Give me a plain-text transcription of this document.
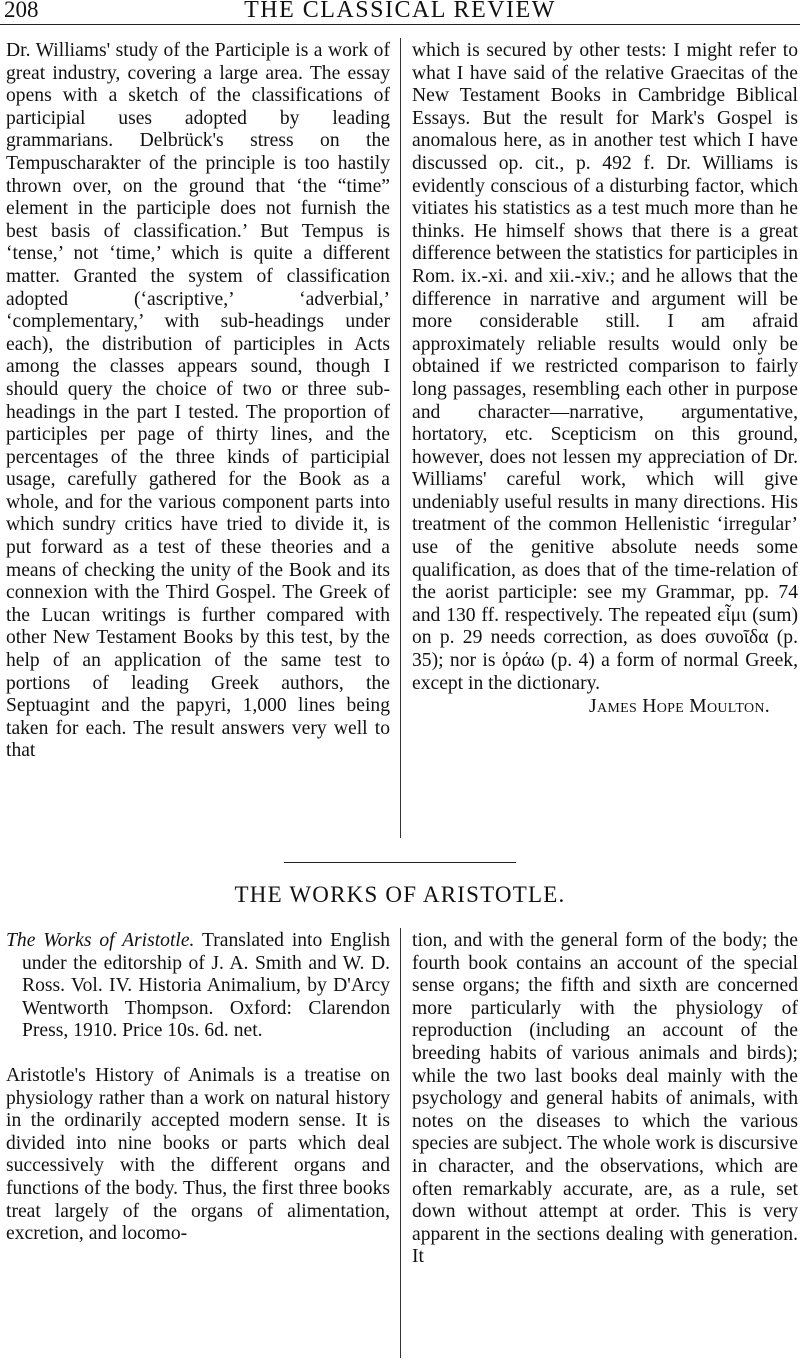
208	THE CLASSICAL REVIEW

Dr. Williams' study of the Participle is a work of great industry, covering a large area. The essay opens with a sketch of the classifications of participial uses adopted by leading grammarians. Delbrück's stress on the Tempuscharakter of the principle is too hastily thrown over, on the ground that ‘the “time” element in the participle does not furnish the best basis of classification.’ But Tempus is ‘tense,’ not ‘time,’ which is quite a different matter. Granted the system of classification adopted (‘ascriptive,’ ‘adverbial,’ ‘complementary,’ with sub-headings under each), the distribution of participles in Acts among the classes appears sound, though I should query the choice of two or three sub-headings in the part I tested. The proportion of participles per page of thirty lines, and the percentages of the three kinds of participial usage, carefully gathered for the Book as a whole, and for the various component parts into which sundry critics have tried to divide it, is put forward as a test of these theories and a means of checking the unity of the Book and its connexion with the Third Gospel. The Greek of the Lucan writings is further compared with other New Testament Books by this test, by the help of an application of the same test to portions of leading Greek authors, the Septuagint and the papyri, 1,000 lines being taken for each. The result answers very well to that

which is secured by other tests: I might refer to what I have said of the relative Graecitas of the New Testament Books in Cambridge Biblical Essays. But the result for Mark's Gospel is anomalous here, as in another test which I have discussed op. cit., p. 492 f. Dr. Williams is evidently conscious of a disturbing factor, which vitiates his statistics as a test much more than he thinks. He himself shows that there is a great difference between the statistics for participles in Rom. ix.-xi. and xii.-xiv.; and he allows that the difference in narrative and argument will be more considerable still. I am afraid approximately reliable results would only be obtained if we restricted comparison to fairly long passages, resembling each other in purpose and character—narrative, argumentative, hortatory, etc. Scepticism on this ground, however, does not lessen my appreciation of Dr. Williams' careful work, which will give undeniably useful results in many directions. His treatment of the common Hellenistic ‘irregular’ use of the genitive absolute needs some qualification, as does that of the time-relation of the aorist participle: see my Grammar, pp. 74 and 130 ff. respectively. The repeated εἶμι (sum) on p. 29 needs correction, as does συνοῖδα (p. 35); nor is ὁράω (p. 4) a form of normal Greek, except in the dictionary.

James Hope Moulton.
THE WORKS OF ARISTOTLE.

The Works of Aristotle. Translated into English under the editorship of J. A. Smith and W. D. Ross. Vol. IV. Historia Animalium, by D'Arcy Wentworth Thompson. Oxford: Clarendon Press, 1910. Price 10s. 6d. net.

Aristotle's History of Animals is a treatise on physiology rather than a work on natural history in the ordinarily accepted modern sense. It is divided into nine books or parts which deal successively with the different organs and functions of the body. Thus, the first three books treat largely of the organs of alimentation, excretion, and locomo-

tion, and with the general form of the body; the fourth book contains an account of the special sense organs; the fifth and sixth are concerned more particularly with the physiology of reproduction (including an account of the breeding habits of various animals and birds); while the two last books deal mainly with the psychology and general habits of animals, with notes on the diseases to which the various species are subject. The whole work is discursive in character, and the observations, which are often remarkably accurate, are, as a rule, set down without attempt at order. This is very apparent in the sections dealing with generation. It
